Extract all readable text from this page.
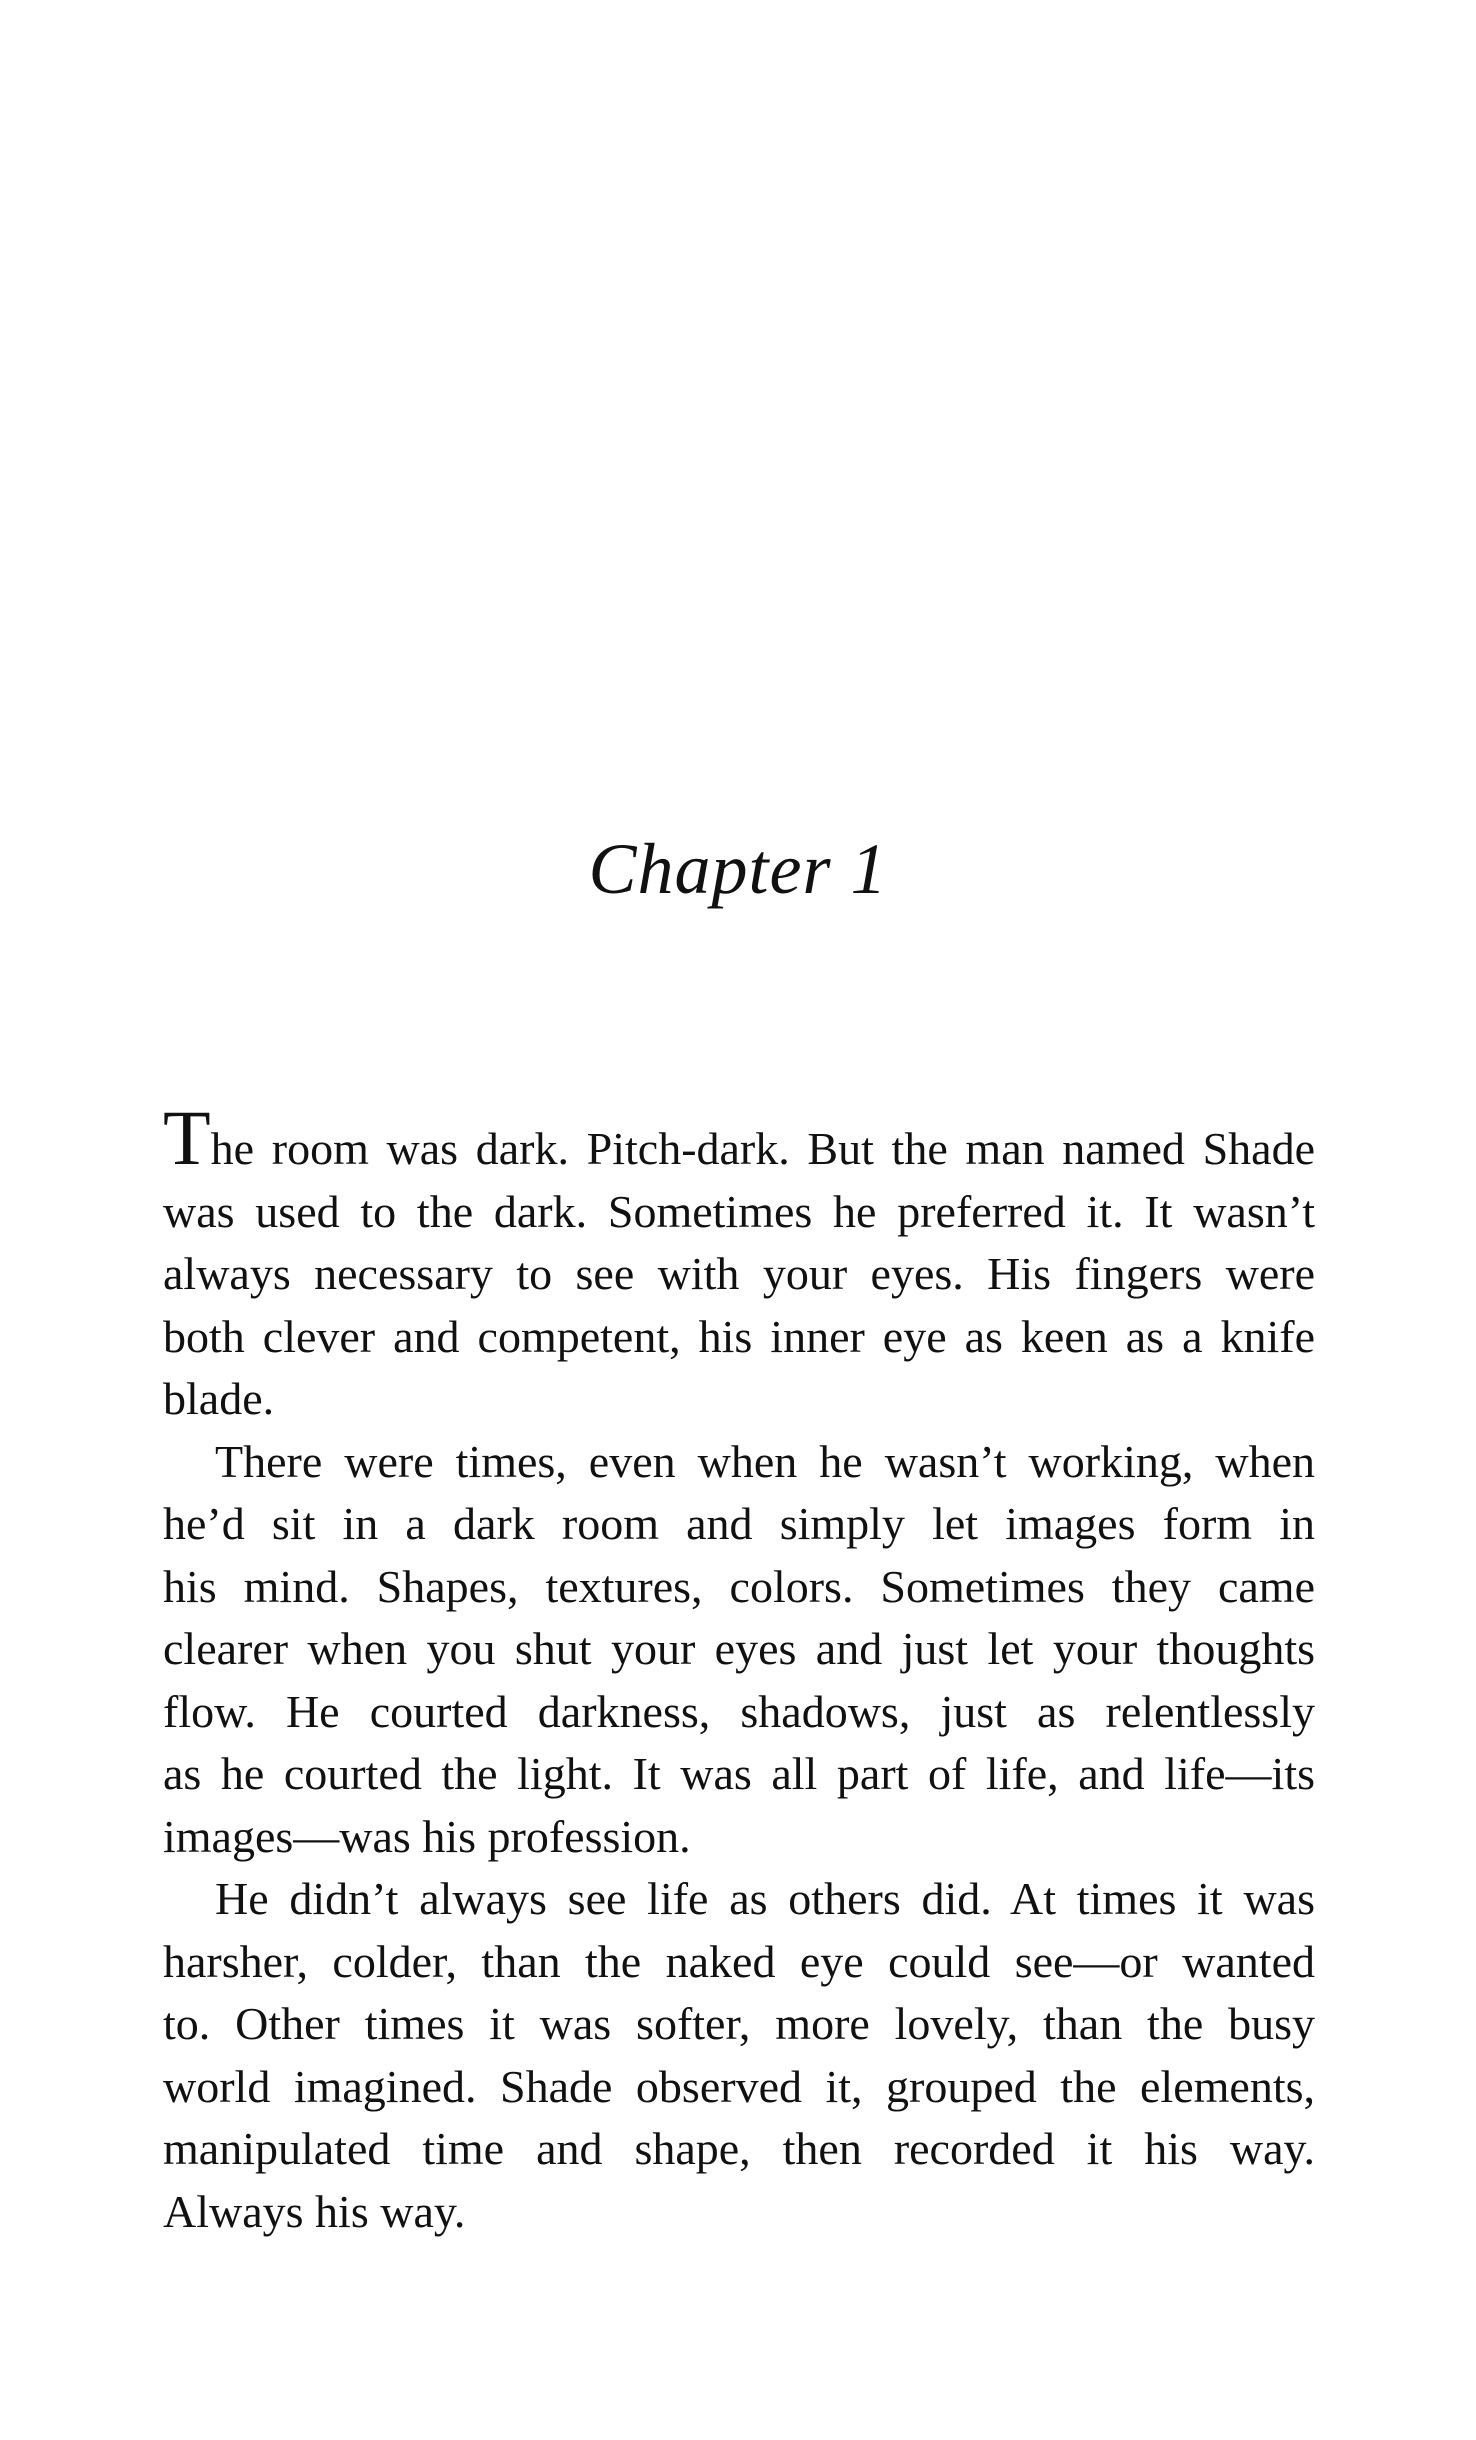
Chapter 1
The room was dark. Pitch-dark. But the man named Shade
was used to the dark. Sometimes he preferred it. It wasn’t
always necessary to see with your eyes. His fingers were
both clever and competent, his inner eye as keen as a knife
blade.
There were times, even when he wasn’t working, when
he’d sit in a dark room and simply let images form in
his mind. Shapes, textures, colors. Sometimes they came
clearer when you shut your eyes and just let your thoughts
flow. He courted darkness, shadows, just as relentlessly
as he courted the light. It was all part of life, and life—its
images—was his profession.
He didn’t always see life as others did. At times it was
harsher, colder, than the naked eye could see—or wanted
to. Other times it was softer, more lovely, than the busy
world imagined. Shade observed it, grouped the elements,
manipulated time and shape, then recorded it his way.
Always his way.
